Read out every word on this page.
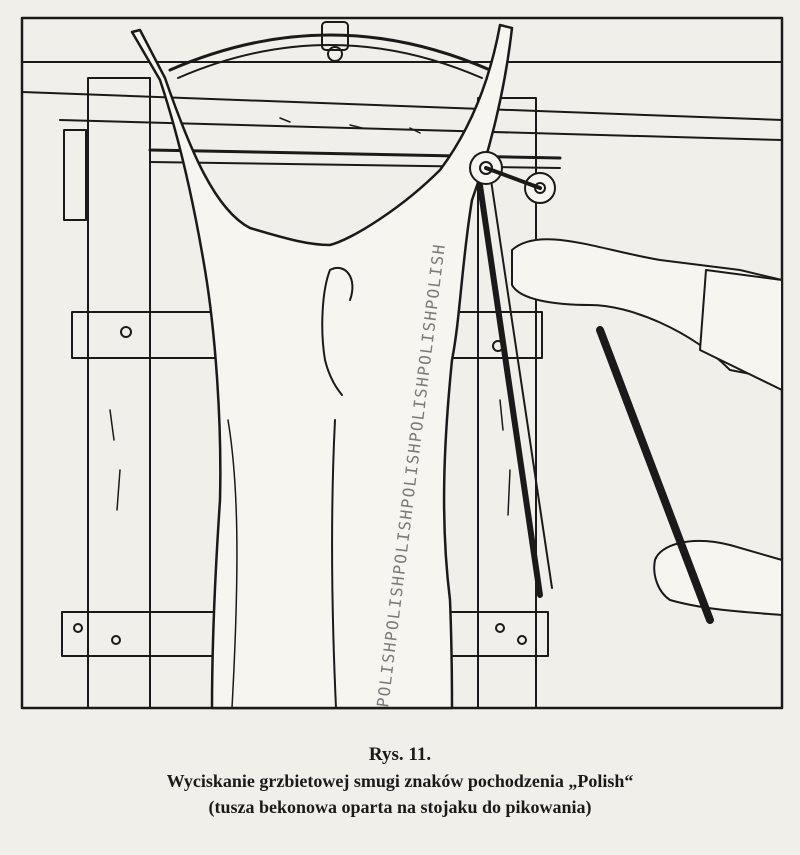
POLISHPOLISHPOLISHPOLISHPOLISHPOLISHPOLISH
Rys. 11.
Wyciskanie grzbietowej smugi znaków pochodzenia „Polish“
(tusza bekonowa oparta na stojaku do pikowania)
